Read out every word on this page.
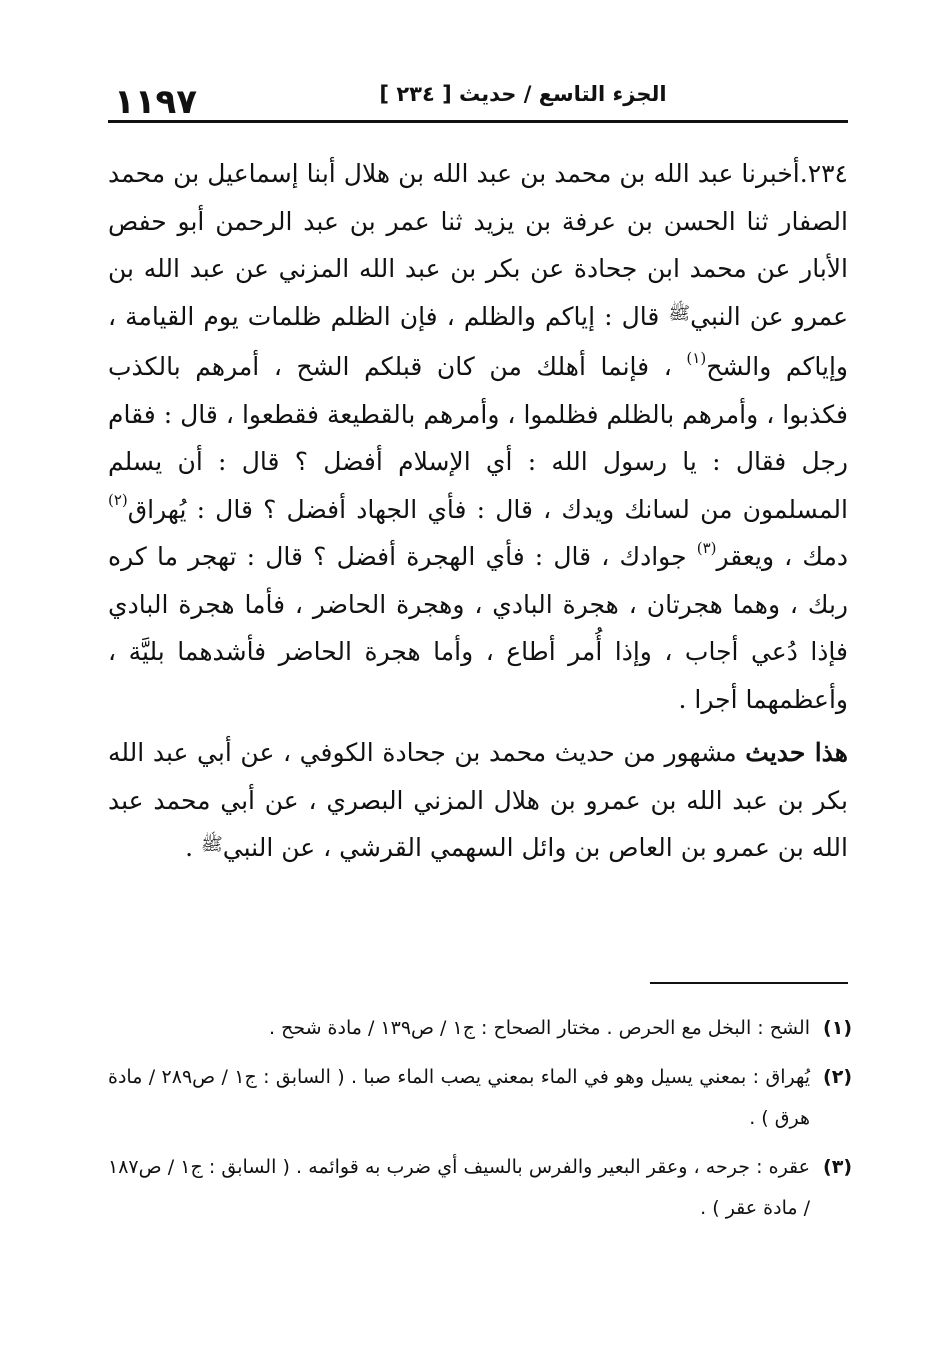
١١٩٧	الجزء التاسع / حديث [ ٢٣٤ ]

٢٣٤.أخبرنا عبد الله بن محمد بن عبد الله بن هلال أبنا إسماعيل بن محمد الصفار ثنا الحسن بن عرفة بن يزيد ثنا عمر بن عبد الرحمن أبو حفص الأبار عن محمد ابن جحادة عن بكر بن عبد الله المزني عن عبد الله بن عمرو عن النبي$^ﷺ$ قال : إياكم والظلم ، فإن الظلم ظلمات يوم القيامة ، وإياكم والشح$^{(١)}$ ، فإنما أهلك من كان قبلكم الشح ، أمرهم بالكذب فكذبوا ، وأمرهم بالظلم فظلموا ، وأمرهم بالقطيعة فقطعوا ، قال : فقام رجل فقال : يا رسول الله : أي الإسلام أفضل ؟ قال : أن يسلم المسلمون من لسانك ويدك ، قال : فأي الجهاد أفضل ؟ قال : يُهراق$^{(٢)}$ دمك ، ويعقر$^{(٣)}$ جوادك ، قال : فأي الهجرة أفضل ؟ قال : تهجر ما كره ربك ، وهما هجرتان ، هجرة البادي ، وهجرة الحاضر ، فأما هجرة البادي فإذا دُعي أجاب ، وإذا أُمر أطاع ، وأما هجرة الحاضر فأشدهما بليَّة ، وأعظمهما أجرا .

هذا حديث مشهور من حديث محمد بن جحادة الكوفي ، عن أبي عبد الله بكر بن عبد الله بن عمرو بن هلال المزني البصري ، عن أبي محمد عبد الله بن عمرو بن العاص بن وائل السهمي القرشي ، عن النبي$^ﷺ$ .

(١)
الشح : البخل مع الحرص . مختار الصحاح : ج١ / ص١٣٩ / مادة شحح .
(٢)
يُهراق : بمعني يسيل وهو في الماء بمعني يصب الماء صبا . ( السابق : ج١ / ص٢٨٩ / مادة هرق ) .
(٣)
عقره : جرحه ، وعقر البعير والفرس بالسيف أي ضرب به قوائمه . ( السابق : ج١ / ص١٨٧ / مادة عقر ) .
